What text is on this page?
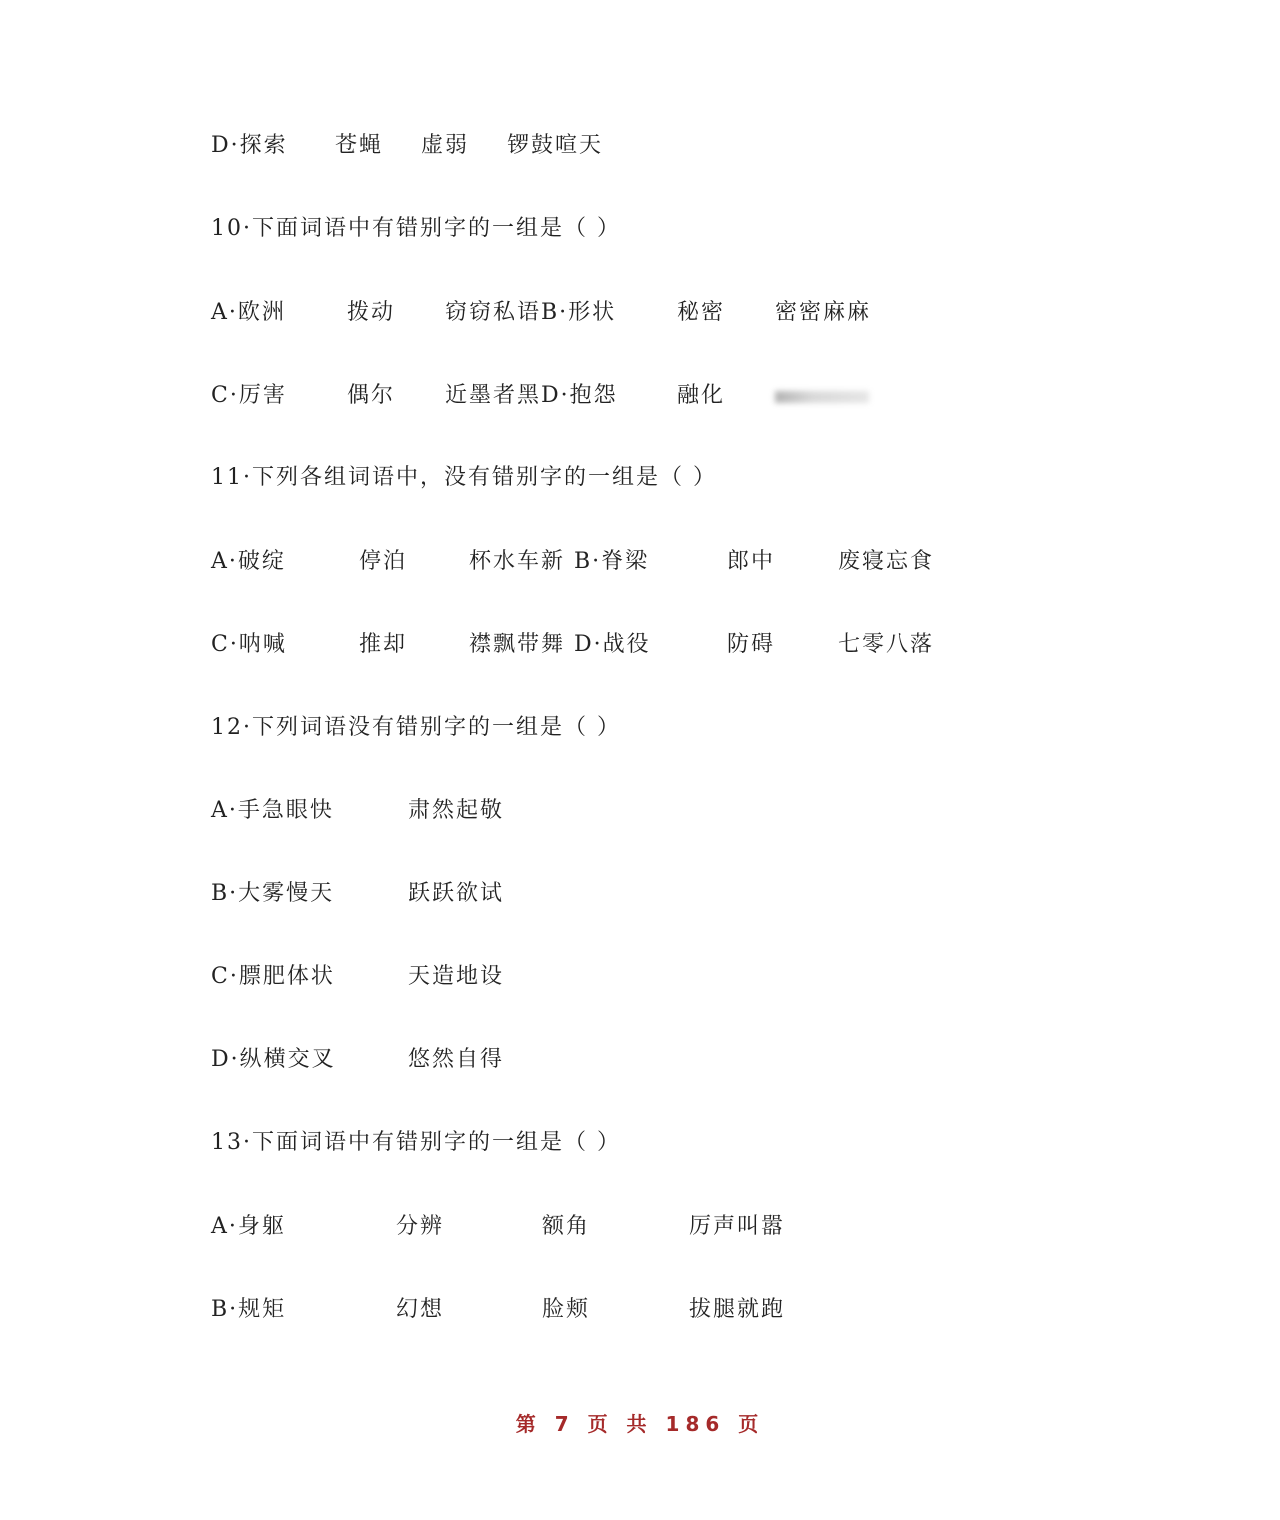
D·探索 苍蝇 虚弱 锣鼓喧天
10·下面词语中有错别字的一组是（ ）
A·欧洲	拨动 窃窃私语B·形状	秘密 密密麻麻
C·厉害	偶尔 近墨者黑D·抱怨	融化
11·下列各组词语中，没有错别字的一组是（ ）
A·破绽	停泊	杯水车新 B·脊梁	郎中	废寝忘食
C·呐喊	推却	襟飘带舞 D·战役	防碍	七零八落
12·下列词语没有错别字的一组是（ ）
A·手急眼快	肃然起敬
B·大雾慢天	跃跃欲试
C·膘肥体状	天造地设
D·纵横交叉	悠然自得
13·下面词语中有错别字的一组是（ ）
A·身躯	分辨	额角	厉声叫嚣
B·规矩	幻想	脸颊	拔腿就跑
第 7 页 共 186 页
